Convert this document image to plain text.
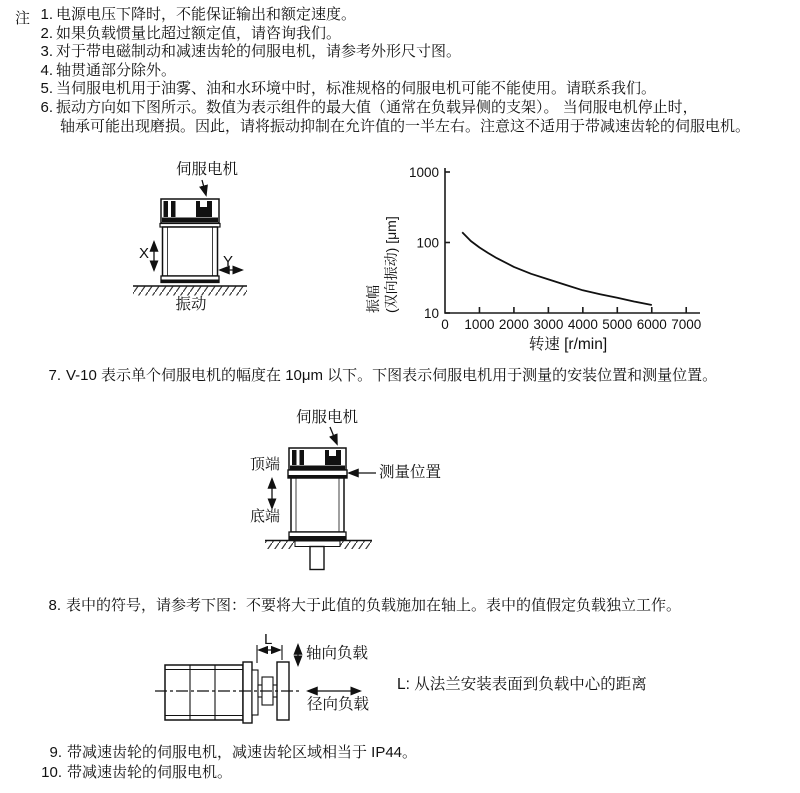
注 1. 电源电压下降时，不能保证输出和额定速度。
2. 如果负载惯量比超过额定值，请咨询我们。
3. 对于带电磁制动和减速齿轮的伺服电机，请参考外形尺寸图。
4. 轴贯通部分除外。
5. 当伺服电机用于油雾、油和水环境中时，标准规格的伺服电机可能不能使用。请联系我们。
6. 振动方向如下图所示。数值为表示组件的最大值（通常在负载异侧的支架）。 当伺服电机停止时，
轴承可能出现磨损。因此，请将振动抑制在允许值的一半左右。注意这不适用于带减速齿轮的伺服电机。
伺服电机
X	Y
振动
0 1000 2000 3000 4000 5000 6000 7000
10
100
1000
振幅 (双向振动) [μm]
转速 [r/min]
7. V-10 表示单个伺服电机的幅度在 10μm 以下。下图表示伺服电机用于测量的安装位置和测量位置。
伺服电机
顶端
底端
测量位置
8. 表中的符号，请参考下图：不要将大于此值的负载施加在轴上。表中的值假定负载独立工作。
L
轴向负载
径向负载
L: 从法兰安装表面到负载中心的距离
9. 带减速齿轮的伺服电机，减速齿轮区域相当于 IP44。
10. 带减速齿轮的伺服电机。
